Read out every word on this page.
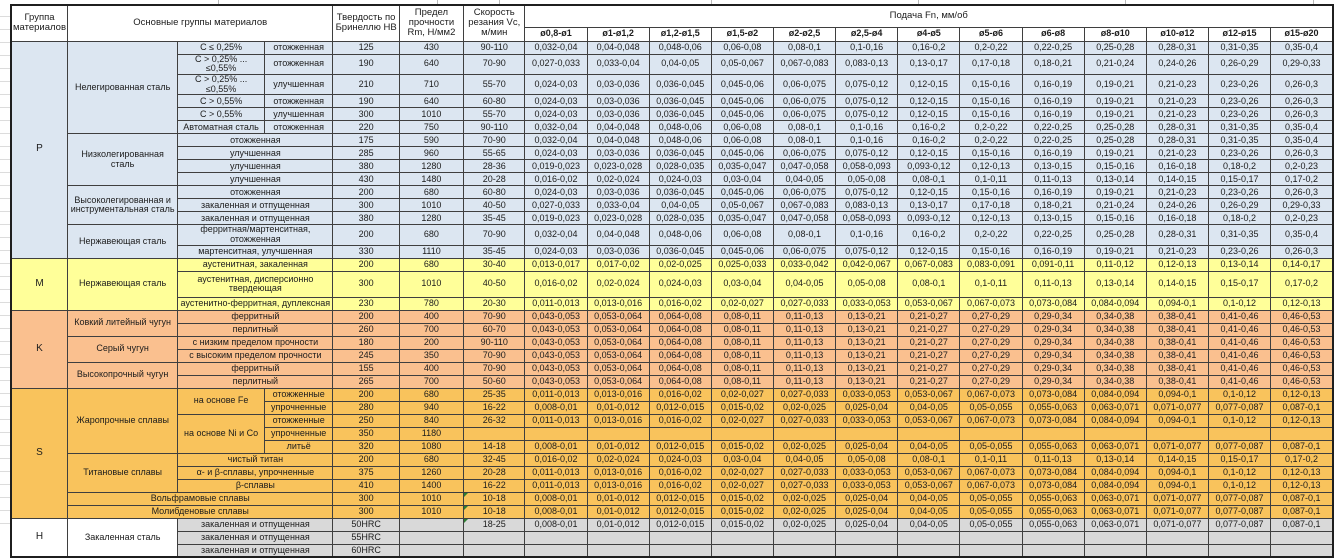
Группа материалов	Основные группы материалов			Твердость по Бринеллю HB	Предел прочности Rm, Н/мм2	Скорость резания Vc, м/мин	Подача Fn, мм/об												
							ø0,8-ø1	ø1-ø1,2	ø1,2-ø1,5	ø1,5-ø2	ø2-ø2,5	ø2,5-ø4	ø4-ø5	ø5-ø6	ø6-ø8	ø8-ø10	ø10-ø12	ø12-ø15	ø15-ø20
P	Нелегированная сталь	C ≤ 0,25%	отожженная	125	430	90-110	0,032-0,04	0,04-0,048	0,048-0,06	0,06-0,08	0,08-0,1	0,1-0,16	0,16-0,2	0,2-0,22	0,22-0,25	0,25-0,28	0,28-0,31	0,31-0,35	0,35-0,4
		C > 0,25% ... ≤0,55%	отожженная	190	640	70-90	0,027-0,033	0,033-0,04	0,04-0,05	0,05-0,067	0,067-0,083	0,083-0,13	0,13-0,17	0,17-0,18	0,18-0,21	0,21-0,24	0,24-0,26	0,26-0,29	0,29-0,33
		C > 0,25% ... ≤0,55%	улучшенная	210	710	55-70	0,024-0,03	0,03-0,036	0,036-0,045	0,045-0,06	0,06-0,075	0,075-0,12	0,12-0,15	0,15-0,16	0,16-0,19	0,19-0,21	0,21-0,23	0,23-0,26	0,26-0,3
		C > 0,55%	отожженная	190	640	60-80	0,024-0,03	0,03-0,036	0,036-0,045	0,045-0,06	0,06-0,075	0,075-0,12	0,12-0,15	0,15-0,16	0,16-0,19	0,19-0,21	0,21-0,23	0,23-0,26	0,26-0,3
		C > 0,55%	улучшенная	300	1010	55-70	0,024-0,03	0,03-0,036	0,036-0,045	0,045-0,06	0,06-0,075	0,075-0,12	0,12-0,15	0,15-0,16	0,16-0,19	0,19-0,21	0,21-0,23	0,23-0,26	0,26-0,3
		Автоматная сталь	отожженная	220	750	90-110	0,032-0,04	0,04-0,048	0,048-0,06	0,06-0,08	0,08-0,1	0,1-0,16	0,16-0,2	0,2-0,22	0,22-0,25	0,25-0,28	0,28-0,31	0,31-0,35	0,35-0,4
	Низколегированная сталь	отожженная		175	590	70-90	0,032-0,04	0,04-0,048	0,048-0,06	0,06-0,08	0,08-0,1	0,1-0,16	0,16-0,2	0,2-0,22	0,22-0,25	0,25-0,28	0,28-0,31	0,31-0,35	0,35-0,4
		улучшенная		285	960	55-65	0,024-0,03	0,03-0,036	0,036-0,045	0,045-0,06	0,06-0,075	0,075-0,12	0,12-0,15	0,15-0,16	0,16-0,19	0,19-0,21	0,21-0,23	0,23-0,26	0,26-0,3
		улучшенная		380	1280	28-36	0,019-0,023	0,023-0,028	0,028-0,035	0,035-0,047	0,047-0,058	0,058-0,093	0,093-0,12	0,12-0,13	0,13-0,15	0,15-0,16	0,16-0,18	0,18-0,2	0,2-0,23
		улучшенная		430	1480	20-28	0,016-0,02	0,02-0,024	0,024-0,03	0,03-0,04	0,04-0,05	0,05-0,08	0,08-0,1	0,1-0,11	0,11-0,13	0,13-0,14	0,14-0,15	0,15-0,17	0,17-0,2
	Высоколегированная и инструментальная сталь	отожженная		200	680	60-80	0,024-0,03	0,03-0,036	0,036-0,045	0,045-0,06	0,06-0,075	0,075-0,12	0,12-0,15	0,15-0,16	0,16-0,19	0,19-0,21	0,21-0,23	0,23-0,26	0,26-0,3
		закаленная и отпущенная		300	1010	40-50	0,027-0,033	0,033-0,04	0,04-0,05	0,05-0,067	0,067-0,083	0,083-0,13	0,13-0,17	0,17-0,18	0,18-0,21	0,21-0,24	0,24-0,26	0,26-0,29	0,29-0,33
		закаленная и отпущенная		380	1280	35-45	0,019-0,023	0,023-0,028	0,028-0,035	0,035-0,047	0,047-0,058	0,058-0,093	0,093-0,12	0,12-0,13	0,13-0,15	0,15-0,16	0,16-0,18	0,18-0,2	0,2-0,23
	Нержавеющая сталь	ферритная/мартенситная, отожженная		200	680	70-90	0,032-0,04	0,04-0,048	0,048-0,06	0,06-0,08	0,08-0,1	0,1-0,16	0,16-0,2	0,2-0,22	0,22-0,25	0,25-0,28	0,28-0,31	0,31-0,35	0,35-0,4
		мартенситная, улучшенная		330	1110	35-45	0,024-0,03	0,03-0,036	0,036-0,045	0,045-0,06	0,06-0,075	0,075-0,12	0,12-0,15	0,15-0,16	0,16-0,19	0,19-0,21	0,21-0,23	0,23-0,26	0,26-0,3
M	Нержавеющая сталь	аустенитная, закаленная		200	680	30-40	0,013-0,017	0,017-0,02	0,02-0,025	0,025-0,033	0,033-0,042	0,042-0,067	0,067-0,083	0,083-0,091	0,091-0,11	0,11-0,12	0,12-0,13	0,13-0,14	0,14-0,17
		аустенитная, дисперсионно твердеющая		300	1010	40-50	0,016-0,02	0,02-0,024	0,024-0,03	0,03-0,04	0,04-0,05	0,05-0,08	0,08-0,1	0,1-0,11	0,11-0,13	0,13-0,14	0,14-0,15	0,15-0,17	0,17-0,2
		аустенитно-ферритная, дуплексная		230	780	20-30	0,011-0,013	0,013-0,016	0,016-0,02	0,02-0,027	0,027-0,033	0,033-0,053	0,053-0,067	0,067-0,073	0,073-0,084	0,084-0,094	0,094-0,1	0,1-0,12	0,12-0,13
K	Ковкий литейный чугун	ферритный		200	400	70-90	0,043-0,053	0,053-0,064	0,064-0,08	0,08-0,11	0,11-0,13	0,13-0,21	0,21-0,27	0,27-0,29	0,29-0,34	0,34-0,38	0,38-0,41	0,41-0,46	0,46-0,53
		перлитный		260	700	60-70	0,043-0,053	0,053-0,064	0,064-0,08	0,08-0,11	0,11-0,13	0,13-0,21	0,21-0,27	0,27-0,29	0,29-0,34	0,34-0,38	0,38-0,41	0,41-0,46	0,46-0,53
	Серый чугун	с низким пределом прочности		180	200	90-110	0,043-0,053	0,053-0,064	0,064-0,08	0,08-0,11	0,11-0,13	0,13-0,21	0,21-0,27	0,27-0,29	0,29-0,34	0,34-0,38	0,38-0,41	0,41-0,46	0,46-0,53
		с высоким пределом прочности		245	350	70-90	0,043-0,053	0,053-0,064	0,064-0,08	0,08-0,11	0,11-0,13	0,13-0,21	0,21-0,27	0,27-0,29	0,29-0,34	0,34-0,38	0,38-0,41	0,41-0,46	0,46-0,53
	Высокопрочный чугун	ферритный		155	400	70-90	0,043-0,053	0,053-0,064	0,064-0,08	0,08-0,11	0,11-0,13	0,13-0,21	0,21-0,27	0,27-0,29	0,29-0,34	0,34-0,38	0,38-0,41	0,41-0,46	0,46-0,53
		перлитный		265	700	50-60	0,043-0,053	0,053-0,064	0,064-0,08	0,08-0,11	0,11-0,13	0,13-0,21	0,21-0,27	0,27-0,29	0,29-0,34	0,34-0,38	0,38-0,41	0,41-0,46	0,46-0,53
S	Жаропрочные сплавы	на основе Fe	отожженные	200	680	25-35	0,011-0,013	0,013-0,016	0,016-0,02	0,02-0,027	0,027-0,033	0,033-0,053	0,053-0,067	0,067-0,073	0,073-0,084	0,084-0,094	0,094-0,1	0,1-0,12	0,12-0,13
			упрочненные	280	940	16-22	0,008-0,01	0,01-0,012	0,012-0,015	0,015-0,02	0,02-0,025	0,025-0,04	0,04-0,05	0,05-0,055	0,055-0,063	0,063-0,071	0,071-0,077	0,077-0,087	0,087-0,1
		на основе Ni и Co	отожженные	250	840	26-32	0,011-0,013	0,013-0,016	0,016-0,02	0,02-0,027	0,027-0,033	0,033-0,053	0,053-0,067	0,067-0,073	0,073-0,084	0,084-0,094	0,094-0,1	0,1-0,12	0,12-0,13
			упрочненные	350	1180														
			литьё	320	1080	14-18	0,008-0,01	0,01-0,012	0,012-0,015	0,015-0,02	0,02-0,025	0,025-0,04	0,04-0,05	0,05-0,055	0,055-0,063	0,063-0,071	0,071-0,077	0,077-0,087	0,087-0,1
	Титановые сплавы	чистый титан		200	680	32-45	0,016-0,02	0,02-0,024	0,024-0,03	0,03-0,04	0,04-0,05	0,05-0,08	0,08-0,1	0,1-0,11	0,11-0,13	0,13-0,14	0,14-0,15	0,15-0,17	0,17-0,2
		α- и β-сплавы, упрочненные		375	1260	20-28	0,011-0,013	0,013-0,016	0,016-0,02	0,02-0,027	0,027-0,033	0,033-0,053	0,053-0,067	0,067-0,073	0,073-0,084	0,084-0,094	0,094-0,1	0,1-0,12	0,12-0,13
		β-сплавы		410	1400	16-22	0,011-0,013	0,013-0,016	0,016-0,02	0,02-0,027	0,027-0,033	0,033-0,053	0,053-0,067	0,067-0,073	0,073-0,084	0,084-0,094	0,094-0,1	0,1-0,12	0,12-0,13
	Вольфрамовые сплавы			300	1010	10-18	0,008-0,01	0,01-0,012	0,012-0,015	0,015-0,02	0,02-0,025	0,025-0,04	0,04-0,05	0,05-0,055	0,055-0,063	0,063-0,071	0,071-0,077	0,077-0,087	0,087-0,1
	Молибденовые сплавы			300	1010	10-18	0,008-0,01	0,01-0,012	0,012-0,015	0,015-0,02	0,02-0,025	0,025-0,04	0,04-0,05	0,05-0,055	0,055-0,063	0,063-0,071	0,071-0,077	0,077-0,087	0,087-0,1
H	Закаленная сталь	закаленная и отпущенная		50HRC		18-25	0,008-0,01	0,01-0,012	0,012-0,015	0,015-0,02	0,02-0,025	0,025-0,04	0,04-0,05	0,05-0,055	0,055-0,063	0,063-0,071	0,071-0,077	0,077-0,087	0,087-0,1
		закаленная и отпущенная		55HRC															
		закаленная и отпущенная		60HRC															
